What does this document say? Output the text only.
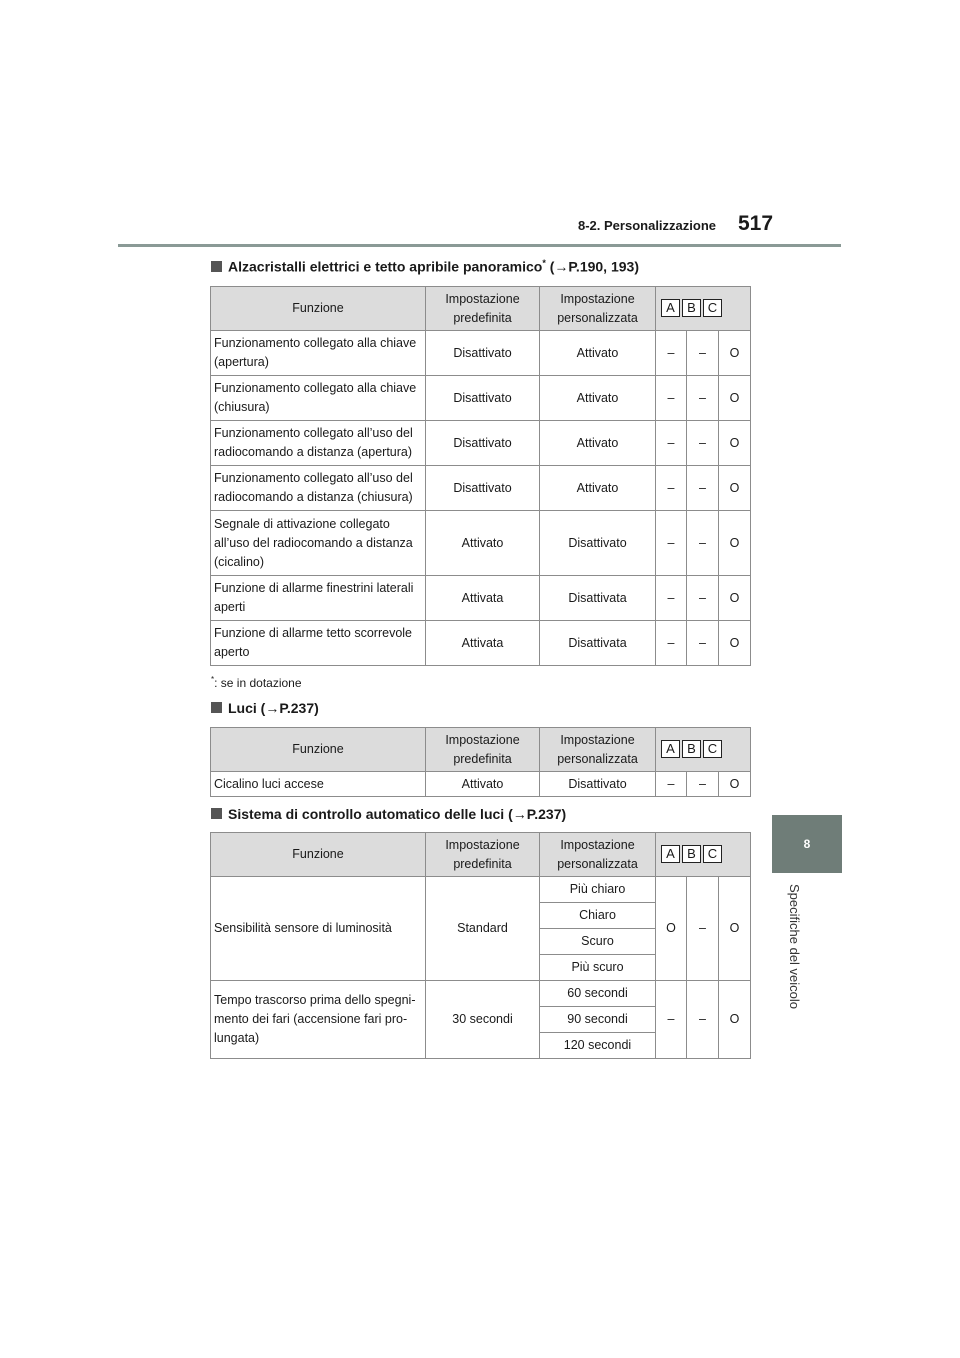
8-2. Personalizzazione 517
8
Specifiche del veicolo
Alzacristalli elettrici e tetto apribile panoramico* (→P.190, 193)
Funzione	Impostazione predefinita	Impostazione personalizzata	A B C		
Funzionamento collegato alla chiave (apertura)	Disattivato	Attivato	–	–	O
Funzionamento collegato alla chiave (chiusura)	Disattivato	Attivato	–	–	O
Funzionamento collegato all’uso del radiocomando a distanza (apertura)	Disattivato	Attivato	–	–	O
Funzionamento collegato all’uso del radiocomando a distanza (chiusura)	Disattivato	Attivato	–	–	O
Segnale di attivazione collegato all’uso del radiocomando a distanza (cicalino)	Attivato	Disattivato	–	–	O
Funzione di allarme finestrini laterali aperti	Attivata	Disattivata	–	–	O
Funzione di allarme tetto scorrevole aperto	Attivata	Disattivata	–	–	O
*: se in dotazione
Luci (→P.237)
Funzione	Impostazione predefinita	Impostazione personalizzata	A B C		
Cicalino luci accese	Attivato	Disattivato	–	–	O
Sistema di controllo automatico delle luci (→P.237)
Funzione	Impostazione predefinita	Impostazione personalizzata	A B C		
Sensibilità sensore di luminosità	Standard	Più chiaro	O	–	O
		Chiaro			
		Scuro			
		Più scuro			
Tempo trascorso prima dello spegni-mento dei fari (accensione fari pro-lungata)	30 secondi	60 secondi	–	–	O
		90 secondi			
		120 secondi			
